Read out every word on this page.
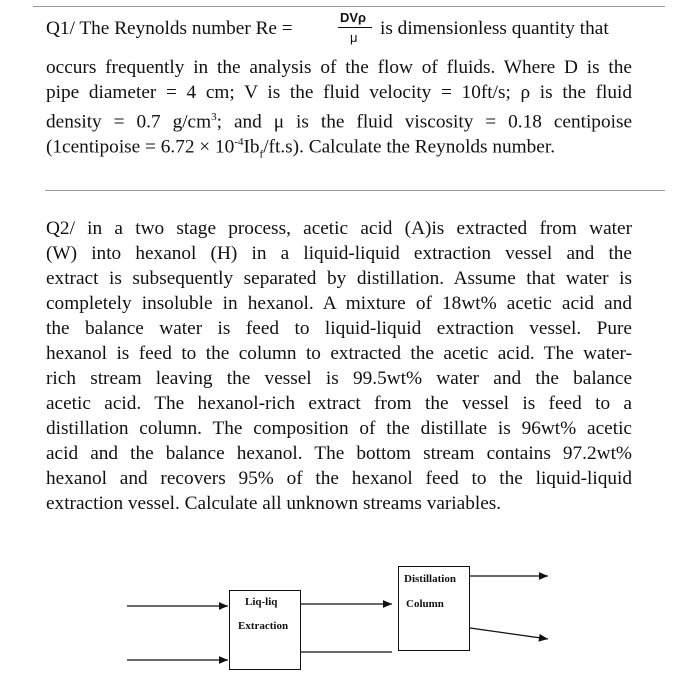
Q1/ The Reynolds number Re =
DVρ
μ is dimensionless quantity that
occurs frequently in the analysis of the flow of fluids. Where D is the
pipe diameter = 4 cm; V is the fluid velocity = 10ft/s; ρ is the fluid
density = 0.7 $g/cm^3$; and μ is the fluid viscosity = 0.18 centipoise
(1centipoise = $6.72 \times 10^{-4}Ib_f/ft.s$). Calculate the Reynolds number.
Q2/ in a two stage process, acetic acid (A)is extracted from water
(W) into hexanol (H) in a liquid-liquid extraction vessel and the
extract is subsequently separated by distillation. Assume that water is
completely insoluble in hexanol. A mixture of 18wt% acetic acid and
the balance water is feed to liquid-liquid extraction vessel. Pure
hexanol is feed to the column to extracted the acetic acid. The water-
rich stream leaving the vessel is 99.5wt% water and the balance
acetic acid. The hexanol-rich extract from the vessel is feed to a
distillation column. The composition of the distillate is 96wt% acetic
acid and the balance hexanol. The bottom stream contains 97.2wt%
hexanol and recovers 95% of the hexanol feed to the liquid-liquid
extraction vessel. Calculate all unknown streams variables.
Liq-liq
Extraction
Distillation
Column
